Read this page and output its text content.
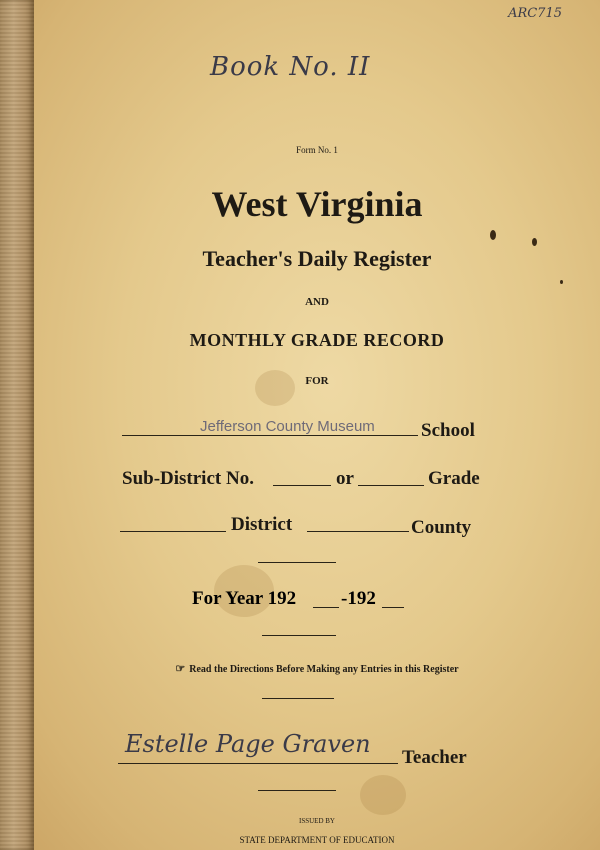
ARC715
Book No. II
Form No. 1
West Virginia
Teacher's Daily Register
AND
MONTHLY GRADE RECORD
FOR
Jefferson County Museum School
Sub-District No.	or	Grade
District	County
For Year 192 -192
☞ Read the Directions Before Making any Entries in this Register
Estelle Page Graven Teacher
ISSUED BY
STATE DEPARTMENT OF EDUCATION
